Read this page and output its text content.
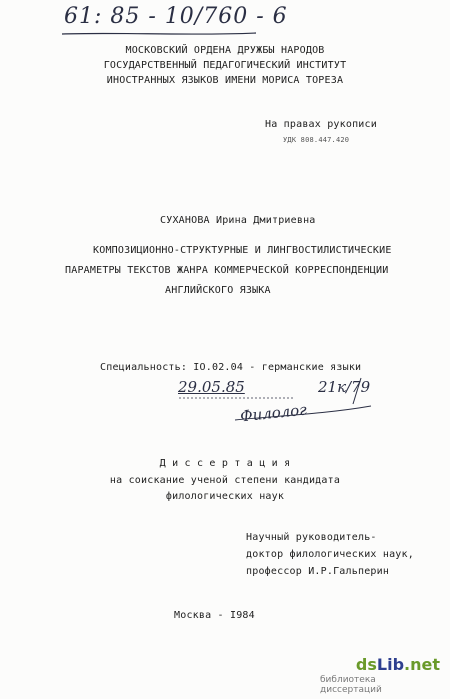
61: 85 - 10/760 - 6
МОСКОВСКИЙ ОРДЕНА ДРУЖБЫ НАРОДОВ
ГОСУДАРСТВЕННЫЙ ПЕДАГОГИЧЕСКИЙ ИНСТИТУТ
ИНОСТРАННЫХ ЯЗЫКОВ ИМЕНИ МОРИСА ТОРЕЗА
На правах рукописи
УДК 808.447.420
СУХАНОВА Ирина Дмитриевна
КОМПОЗИЦИОННО-СТРУКТУРНЫЕ И ЛИНГВОСТИЛИСТИЧЕСКИЕ
ПАРАМЕТРЫ ТЕКСТОВ ЖАНРА КОММЕРЧЕСКОЙ КОРРЕСПОНДЕНЦИИ
АНГЛИЙСКОГО ЯЗЫКА
Специальность: IO.02.04 - германские языки
29.05.85	21к/79
Филолог
Д и с с е р т а ц и я
на соискание ученой степени кандидата
филологических наук
Научный руководитель-
доктор филологических наук,
профессор И.Р.Гальперин
Москва - I984
dsLib.net
библиотека диссертаций
